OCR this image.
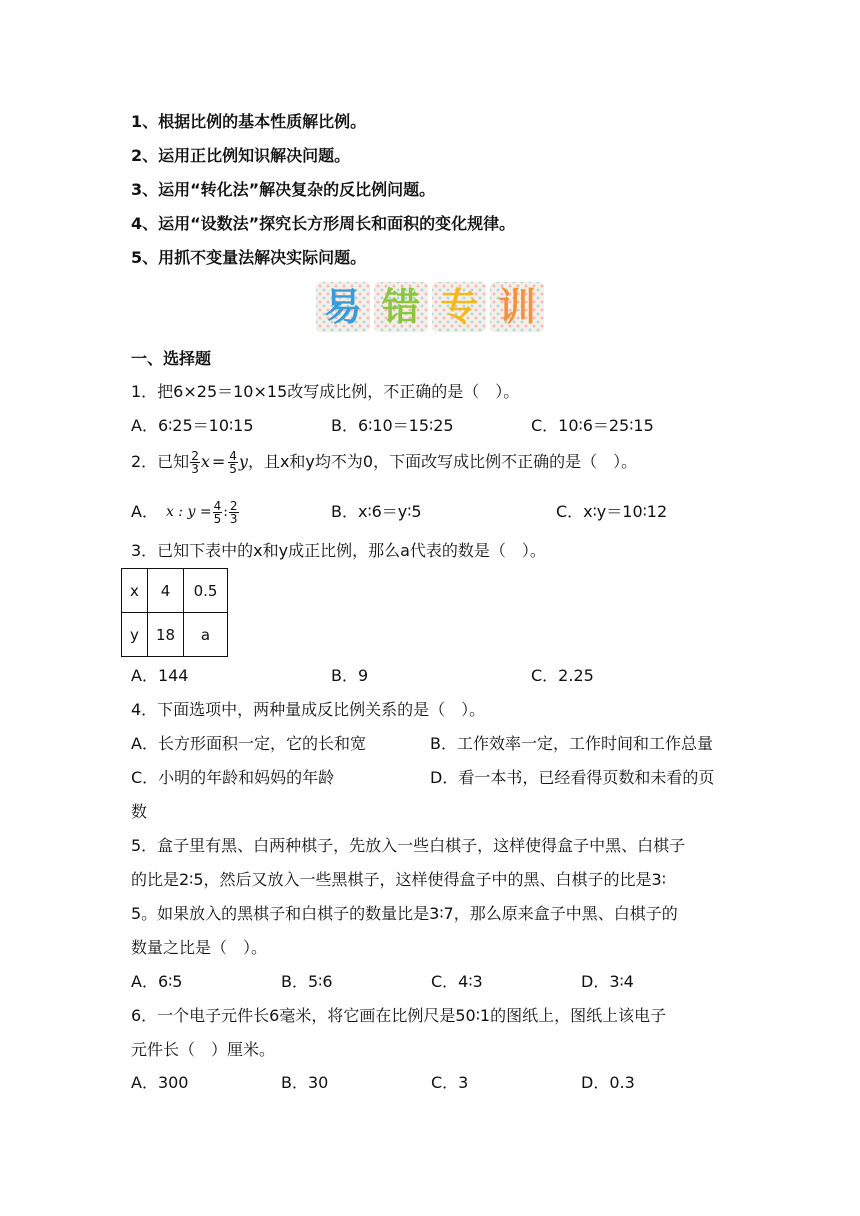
1、根据比例的基本性质解比例。
2、运用正比例知识解决问题。
3、运用“转化法”解决复杂的反比例问题。
4、运用“设数法”探究长方形周长和面积的变化规律。
5、用抓不变量法解决实际问题。
易 错 专 训
一、选择题
1．把6×25＝10×15改写成比例，不正确的是（　）。
A．6∶25＝10∶15	B．6∶10＝15∶25	C．10∶6＝25∶15
2．已知 $\frac{2}{3}$ $x = \frac{4}{5}$ y ，且x和y均不为0，下面改写成比例不正确的是（　）。
A． x : $y = \frac{4}{5}$ : $\frac{2}{3}$	B．x∶6＝y∶5	C．x∶y＝10∶12
3．已知下表中的x和y成正比例，那么a代表的数是（　）。
x	4	0.5
y	18	a
A．144	B．9	C．2.25
4．下面选项中，两种量成反比例关系的是（　）。
A．长方形面积一定，它的长和宽	B．工作效率一定，工作时间和工作总量
C．小明的年龄和妈妈的年龄	D．看一本书，已经看得页数和未看的页
数
5．盒子里有黑、白两种棋子，先放入一些白棋子，这样使得盒子中黑、白棋子
的比是2∶5，然后又放入一些黑棋子，这样使得盒子中的黑、白棋子的比是3∶
5。如果放入的黑棋子和白棋子的数量比是3∶7，那么原来盒子中黑、白棋子的
数量之比是（　）。
A．6∶5	B．5∶6	C．4∶3	D．3∶4
6．一个电子元件长6毫米，将它画在比例尺是50∶1的图纸上，图纸上该电子
元件长（　）厘米。
A．300	B．30	C．3	D．0.3
